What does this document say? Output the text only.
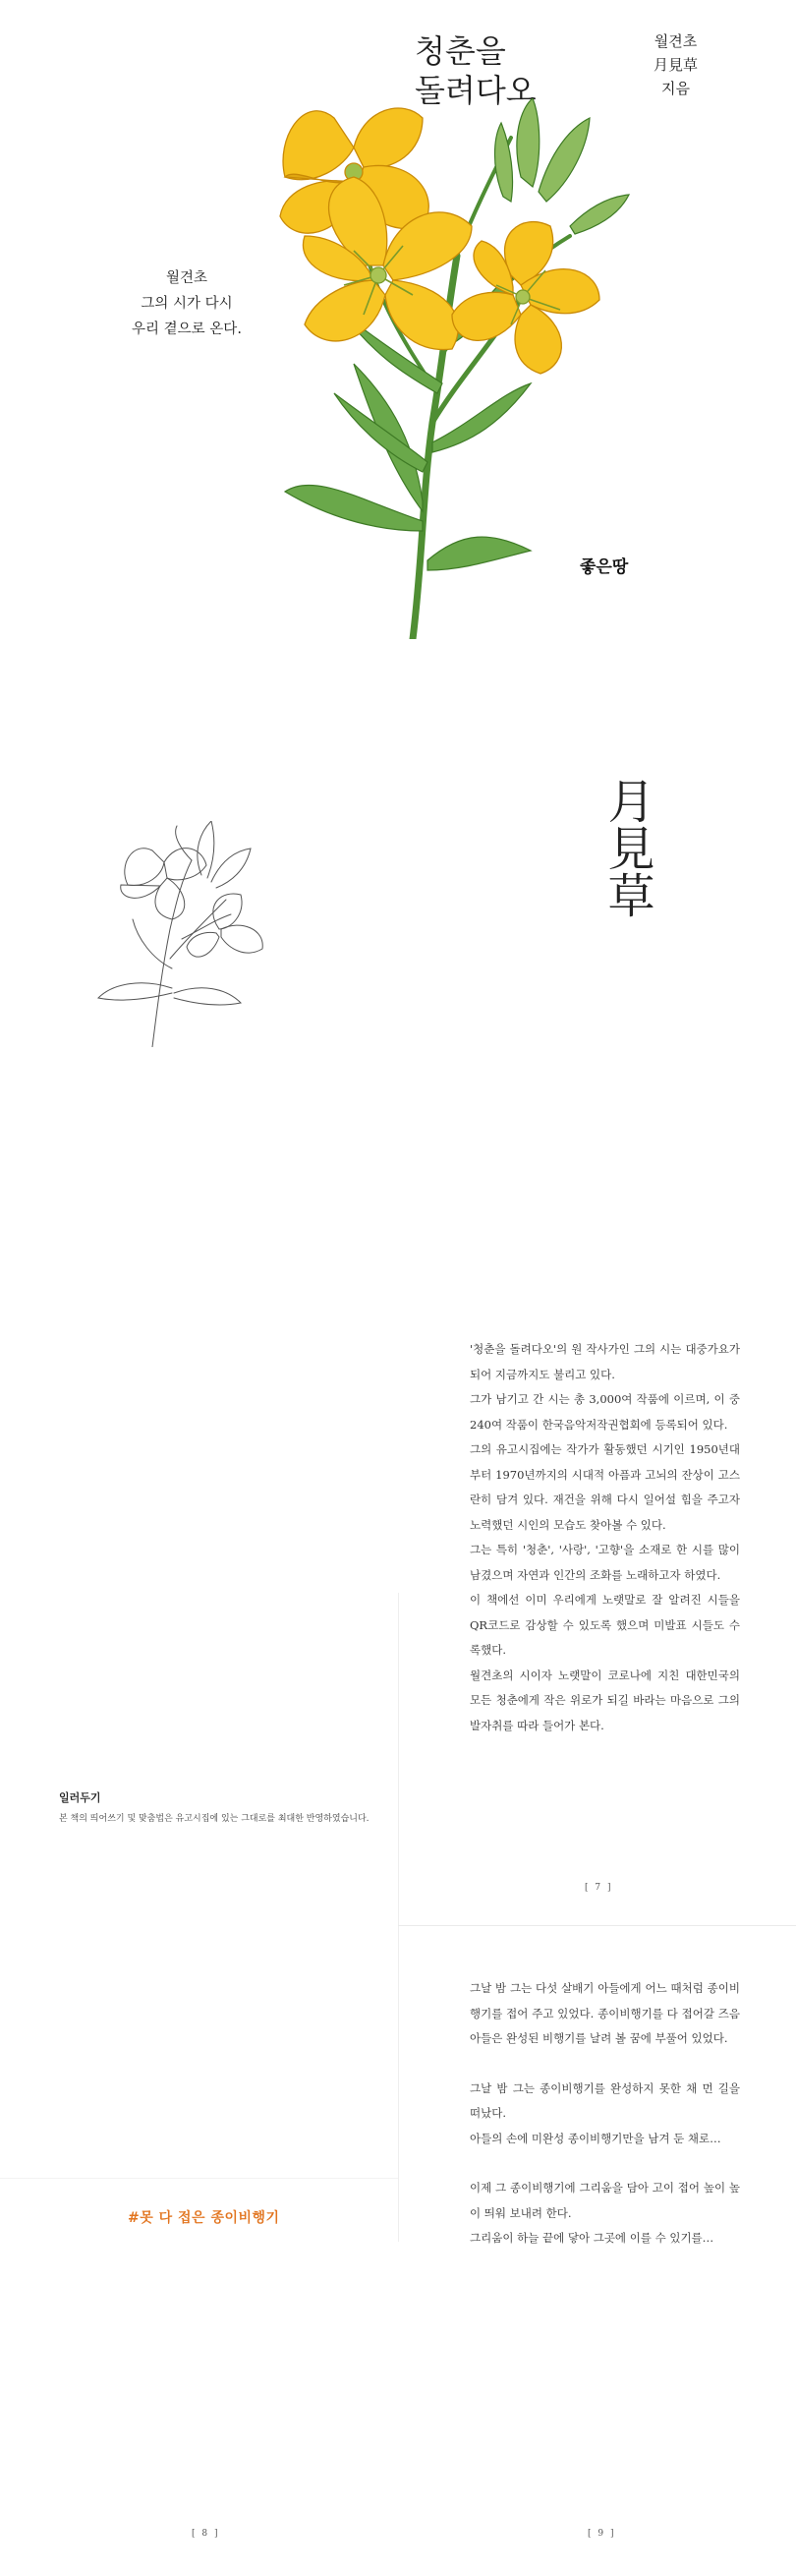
청춘을
돌려다오
월견초
月見草
지음
월견초
그의 시가 다시
우리 곁으로 온다.
좋은땅
月見草

'청춘을 돌려다오'의 원 작사가인 그의 시는 대중가요가 되어 지금까지도 불리고 있다.

그가 남기고 간 시는 총 3,000여 작품에 이르며, 이 중 240여 작품이 한국음악저작권협회에 등록되어 있다.

그의 유고시집에는 작가가 활동했던 시기인 1950년대부터 1970년까지의 시대적 아픔과 고뇌의 잔상이 고스란히 담겨 있다. 재건을 위해 다시 일어설 힘을 주고자 노력했던 시인의 모습도 찾아볼 수 있다.

그는 특히 '청춘', '사랑', '고향'을 소재로 한 시를 많이 남겼으며 자연과 인간의 조화를 노래하고자 하였다.

이 책에선 이미 우리에게 노랫말로 잘 알려진 시들을 QR코드로 감상할 수 있도록 했으며 미발표 시들도 수록했다.

월견초의 시이자 노랫말이 코로나에 지친 대한민국의 모든 청춘에게 작은 위로가 되길 바라는 마음으로 그의 발자취를 따라 들어가 본다.

[ 7 ]
일러두기
본 책의 띄어쓰기 및 맞춤법은 유고시집에 있는 그대로를 최대한 반영하였습니다.
#못 다 접은 종이비행기
그날 밤 그는 다섯 살배기 아들에게 어느 때처럼 종이비행기를 접어 주고 있었다. 종이비행기를 다 접어갈 즈음 아들은 완성된 비행기를 날려 볼 꿈에 부풀어 있었다.
그날 밤 그는 종이비행기를 완성하지 못한 채 먼 길을 떠났다.
아들의 손에 미완성 종이비행기만을 남겨 둔 채로…
이제 그 종이비행기에 그리움을 담아 고이 접어 높이 높이 띄워 보내려 한다.
그리움이 하늘 끝에 닿아 그곳에 이를 수 있기를…
[ 8 ]	[ 9 ]
